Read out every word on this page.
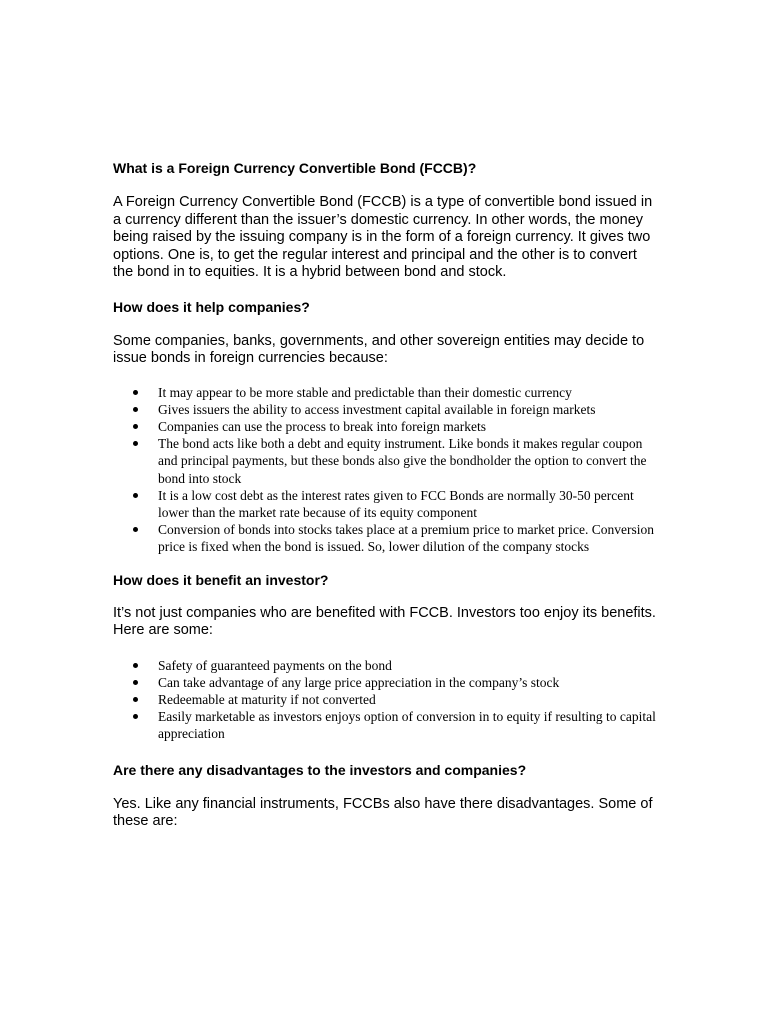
What is a Foreign Currency Convertible Bond (FCCB)?

A Foreign Currency Convertible Bond (FCCB) is a type of convertible bond issued in a currency different than the issuer’s domestic currency. In other words, the money being raised by the issuing company is in the form of a foreign currency. It gives two options. One is, to get the regular interest and principal and the other is to convert the bond in to equities. It is a hybrid between bond and stock.

How does it help companies?

Some companies, banks, governments, and other sovereign entities may decide to issue bonds in foreign currencies because:

It may appear to be more stable and predictable than their domestic currency
Gives issuers the ability to access investment capital available in foreign markets
Companies can use the process to break into foreign markets
The bond acts like both a debt and equity instrument. Like bonds it makes regular coupon and principal payments, but these bonds also give the bondholder the option to convert the bond into stock
It is a low cost debt as the interest rates given to FCC Bonds are normally 30-50 percent lower than the market rate because of its equity component
Conversion of bonds into stocks takes place at a premium price to market price. Conversion price is fixed when the bond is issued. So, lower dilution of the company stocks
How does it benefit an investor?

It’s not just companies who are benefited with FCCB. Investors too enjoy its benefits. Here are some:

Safety of guaranteed payments on the bond
Can take advantage of any large price appreciation in the company’s stock
Redeemable at maturity if not converted
Easily marketable as investors enjoys option of conversion in to equity if resulting to capital appreciation
Are there any disadvantages to the investors and companies?

Yes. Like any financial instruments, FCCBs also have there disadvantages. Some of these are:
